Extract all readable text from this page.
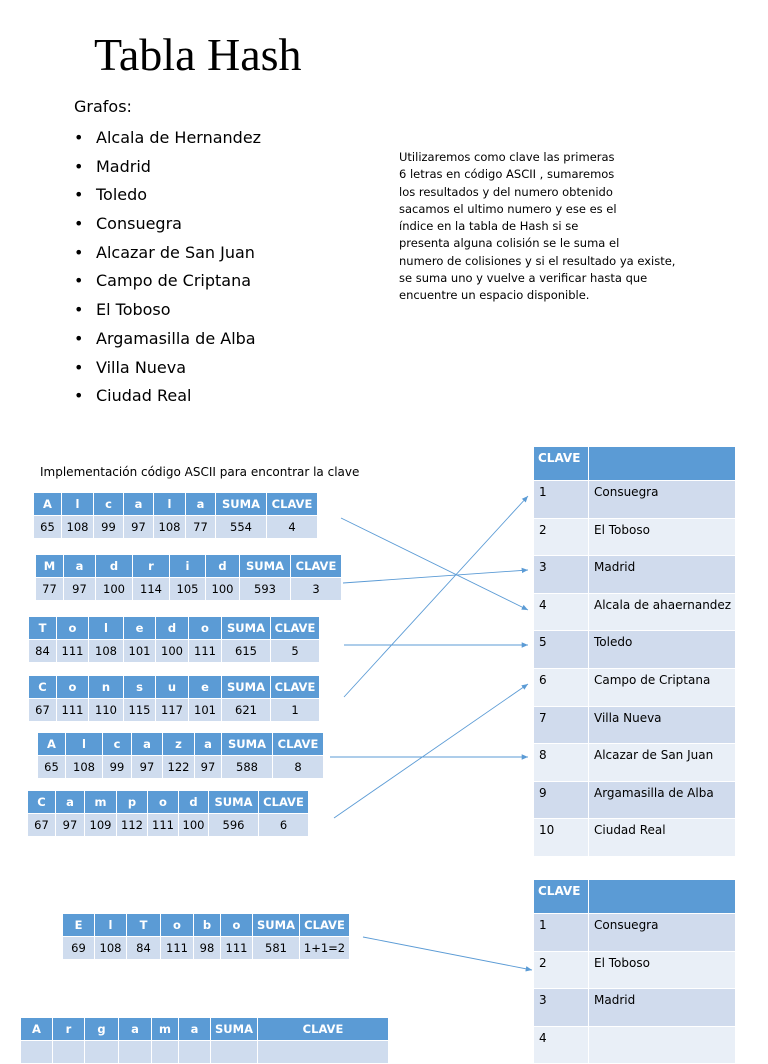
Tabla Hash
Grafos:
• Alcala de Hernandez
• Madrid
• Toledo
• Consuegra
• Alcazar de San Juan
• Campo de Criptana
• El Toboso
• Argamasilla de Alba
• Villa Nueva
• Ciudad Real
Utilizaremos como clave las primeras
6 letras en código ASCII , sumaremos
los resultados y del numero obtenido
sacamos el ultimo numero y ese es el
índice en la tabla de Hash si se
presenta alguna colisión se le suma el
numero de colisiones y si el resultado ya existe,
se suma uno y vuelve a verificar hasta que
encuentre un espacio disponible.
Implementación código ASCII para encontrar la clave
A	l	c	a	l	a	SUMA	CLAVE
65	108	99	97	108	77	554	4
M	a	d	r	i	d	SUMA	CLAVE
77	97	100	114	105	100	593	3
T	o	l	e	d	o	SUMA	CLAVE
84	111	108	101	100	111	615	5
C	o	n	s	u	e	SUMA	CLAVE
67	111	110	115	117	101	621	1
A	l	c	a	z	a	SUMA	CLAVE
65	108	99	97	122	97	588	8
C	a	m	p	o	d	SUMA	CLAVE
67	97	109	112	111	100	596	6
E	l	T	o	b	o	SUMA	CLAVE
69	108	84	111	98	111	581	1+1=2
A	r	g	a	m	a	SUMA	CLAVE

CLAVE	
1	Consuegra
2	El Toboso
3	Madrid
4	Alcala de ahaernandez
5	Toledo
6	Campo de Criptana
7	Villa Nueva
8	Alcazar de San Juan
9	Argamasilla de Alba
10	Ciudad Real
CLAVE	
1	Consuegra
2	El Toboso
3	Madrid
4	
